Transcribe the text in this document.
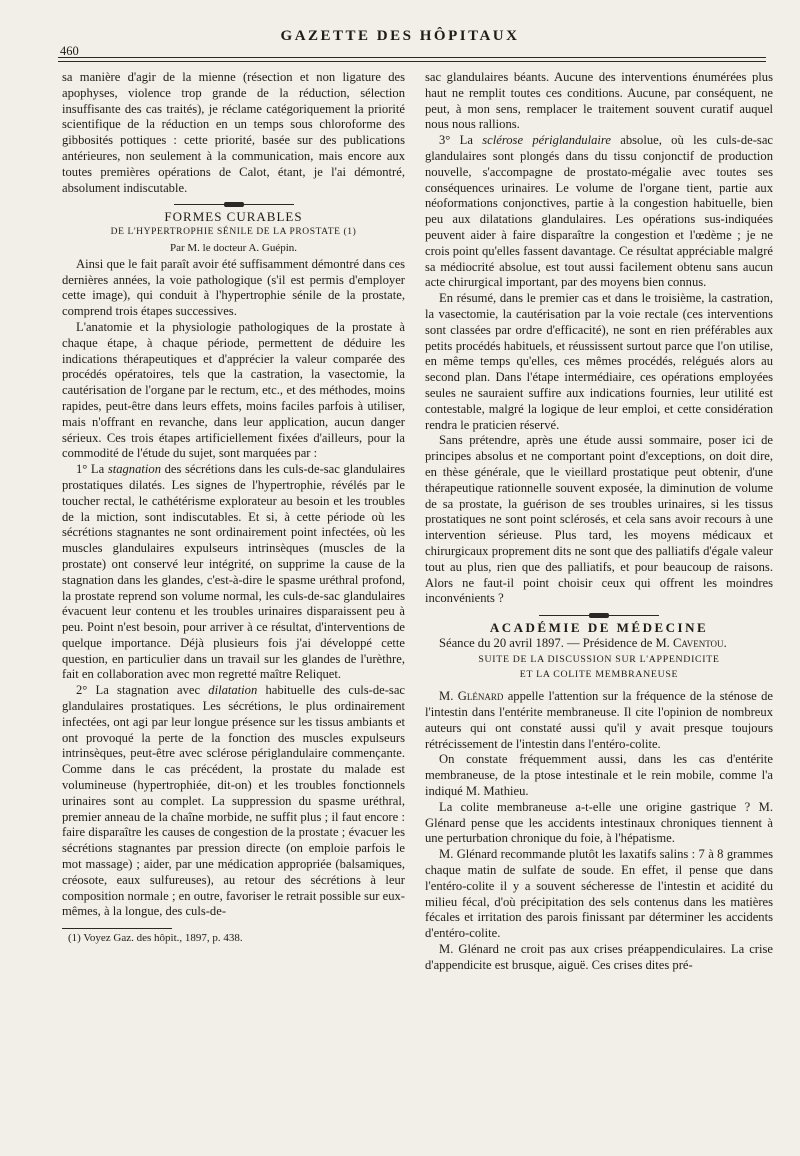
460
GAZETTE DES HÔPITAUX

sa manière d'agir de la mienne (résection et non ligature des apophyses, violence trop grande de la réduction, sélection insuffisante des cas traités), je réclame catégoriquement la priorité scientifique de la réduction en un temps sous chloroforme des gibbosités pottiques : cette priorité, basée sur des publications antérieures, non seulement à la communication, mais encore aux toutes premières opérations de Calot, étant, je l'ai démontré, absolument indiscutable.

FORMES CURABLES

DE L'HYPERTROPHIE SÉNILE DE LA PROSTATE (1)

Par M. le docteur A. Guépin.

Ainsi que le fait paraît avoir été suffisamment démontré dans ces dernières années, la voie pathologique (s'il est permis d'employer cette image), qui conduit à l'hypertrophie sénile de la prostate, comprend trois étapes successives.

L'anatomie et la physiologie pathologiques de la prostate à chaque étape, à chaque période, permettent de déduire les indications thérapeutiques et d'apprécier la valeur comparée des procédés opératoires, tels que la castration, la vasectomie, la cautérisation de l'organe par le rectum, etc., et des méthodes, moins rapides, peut-être dans leurs effets, moins faciles parfois à utiliser, mais n'offrant en revanche, dans leur application, aucun danger sérieux. Ces trois étapes artificiellement fixées d'ailleurs, pour la commodité de l'étude du sujet, sont marquées par :

1° La stagnation des sécrétions dans les culs-de-sac glandulaires prostatiques dilatés. Les signes de l'hypertrophie, révélés par le toucher rectal, le cathétérisme explorateur au besoin et les troubles de la miction, sont indiscutables. Et si, à cette période où les sécrétions stagnantes ne sont ordinairement point infectées, où les muscles glandulaires expulseurs intrinsèques (muscles de la prostate) ont conservé leur intégrité, on supprime la cause de la stagnation dans les glandes, c'est-à-dire le spasme uréthral profond, la prostate reprend son volume normal, les culs-de-sac glandulaires évacuent leur contenu et les troubles urinaires disparaissent peu à peu. Point n'est besoin, pour arriver à ce résultat, d'interventions de quelque importance. Déjà plusieurs fois j'ai développé cette question, en particulier dans un travail sur les glandes de l'urèthre, fait en collaboration avec mon regretté maître Reliquet.

2° La stagnation avec dilatation habituelle des culs-de-sac glandulaires prostatiques. Les sécrétions, le plus ordinairement infectées, ont agi par leur longue présence sur les tissus ambiants et ont provoqué la perte de la fonction des muscles expulseurs intrinsèques, peut-être avec sclérose périglandulaire commençante. Comme dans le cas précédent, la prostate du malade est volumineuse (hypertrophiée, dit-on) et les troubles fonctionnels urinaires sont au complet. La suppression du spasme uréthral, premier anneau de la chaîne morbide, ne suffit plus ; il faut encore : faire disparaître les causes de congestion de la prostate ; évacuer les sécrétions stagnantes par pression directe (on emploie parfois le mot massage) ; aider, par une médication appropriée (balsamiques, créosote, eaux sulfureuses), au retour des sécrétions à leur composition normale ; en outre, favoriser le retrait possible sur eux-mêmes, à la longue, des culs-de-

(1) Voyez Gaz. des hôpit., 1897, p. 438.

sac glandulaires béants. Aucune des interventions énumérées plus haut ne remplit toutes ces conditions. Aucune, par conséquent, ne peut, à mon sens, remplacer le traitement souvent curatif auquel nous nous rallions.

3° La sclérose périglandulaire absolue, où les culs-de-sac glandulaires sont plongés dans du tissu conjonctif de production nouvelle, s'accompagne de prostato-mégalie avec toutes ses conséquences urinaires. Le volume de l'organe tient, partie aux néoformations conjonctives, partie à la congestion habituelle, bien peu aux dilatations glandulaires. Les opérations sus-indiquées peuvent aider à faire disparaître la congestion et l'œdème ; je ne crois point qu'elles fassent davantage. Ce résultat appréciable malgré sa médiocrité absolue, est tout aussi facilement obtenu sans aucun acte chirurgical important, par des moyens bien connus.

En résumé, dans le premier cas et dans le troisième, la castration, la vasectomie, la cautérisation par la voie rectale (ces interventions sont classées par ordre d'efficacité), ne sont en rien préférables aux petits procédés habituels, et réussissent surtout parce que l'on utilise, en même temps qu'elles, ces mêmes procédés, relégués alors au second plan. Dans l'étape intermédiaire, ces opérations employées seules ne sauraient suffire aux indications fournies, leur utilité est contestable, malgré la logique de leur emploi, et cette considération rendra le praticien réservé.

Sans prétendre, après une étude aussi sommaire, poser ici de principes absolus et ne comportant point d'exceptions, on doit dire, en thèse générale, que le vieillard prostatique peut obtenir, d'une thérapeutique rationnelle souvent exposée, la diminution de volume de sa prostate, la guérison de ses troubles urinaires, si les tissus prostatiques ne sont point sclérosés, et cela sans avoir recours à une intervention sérieuse. Plus tard, les moyens médicaux et chirurgicaux proprement dits ne sont que des palliatifs d'égale valeur tout au plus, rien que des palliatifs, et pour beaucoup de raisons. Alors ne faut-il point choisir ceux qui offrent les moindres inconvénients ?

ACADÉMIE DE MÉDECINE

Séance du 20 avril 1897. — Présidence de M. Caventou.

SUITE DE LA DISCUSSION SUR L'APPENDICITE

ET LA COLITE MEMBRANEUSE

M. Glénard appelle l'attention sur la fréquence de la sténose de l'intestin dans l'entérite membraneuse. Il cite l'opinion de nombreux auteurs qui ont constaté aussi qu'il y avait presque toujours rétrécissement de l'intestin dans l'entéro-colite.

On constate fréquemment aussi, dans les cas d'entérite membraneuse, de la ptose intestinale et le rein mobile, comme l'a indiqué M. Mathieu.

La colite membraneuse a-t-elle une origine gastrique ? M. Glénard pense que les accidents intestinaux chroniques tiennent à une perturbation chronique du foie, à l'hépatisme.

M. Glénard recommande plutôt les laxatifs salins : 7 à 8 grammes chaque matin de sulfate de soude. En effet, il pense que dans l'entéro-colite il y a souvent sécheresse de l'intestin et acidité du milieu fécal, d'où précipitation des sels contenus dans les matières fécales et irritation des parois finissant par déterminer les accidents d'entéro-colite.

M. Glénard ne croit pas aux crises préappendiculaires. La crise d'appendicite est brusque, aiguë. Ces crises dites pré-
